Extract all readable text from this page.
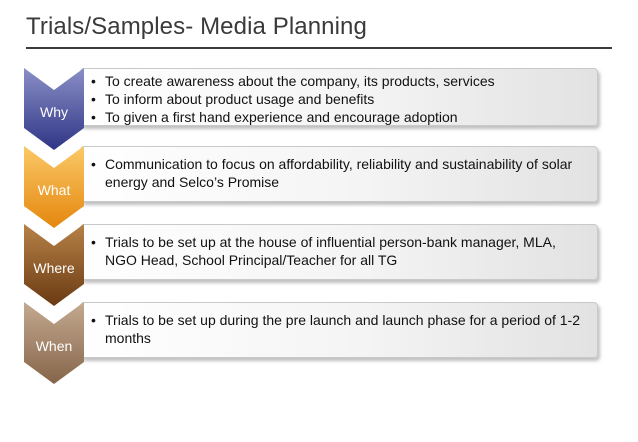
Trials/Samples- Media Planning
• To create awareness about the company, its products, services
• To inform about product usage and benefits
• To given a first hand experience and encourage adoption
Why
• Communication to focus on affordability, reliability and sustainability of solar energy and Selco’s Promise
What
• Trials to be set up at the house of influential person-bank manager, MLA, NGO Head, School Principal/Teacher for all TG
Where
• Trials to be set up during the pre launch and launch phase for a period of 1-2 months
When
